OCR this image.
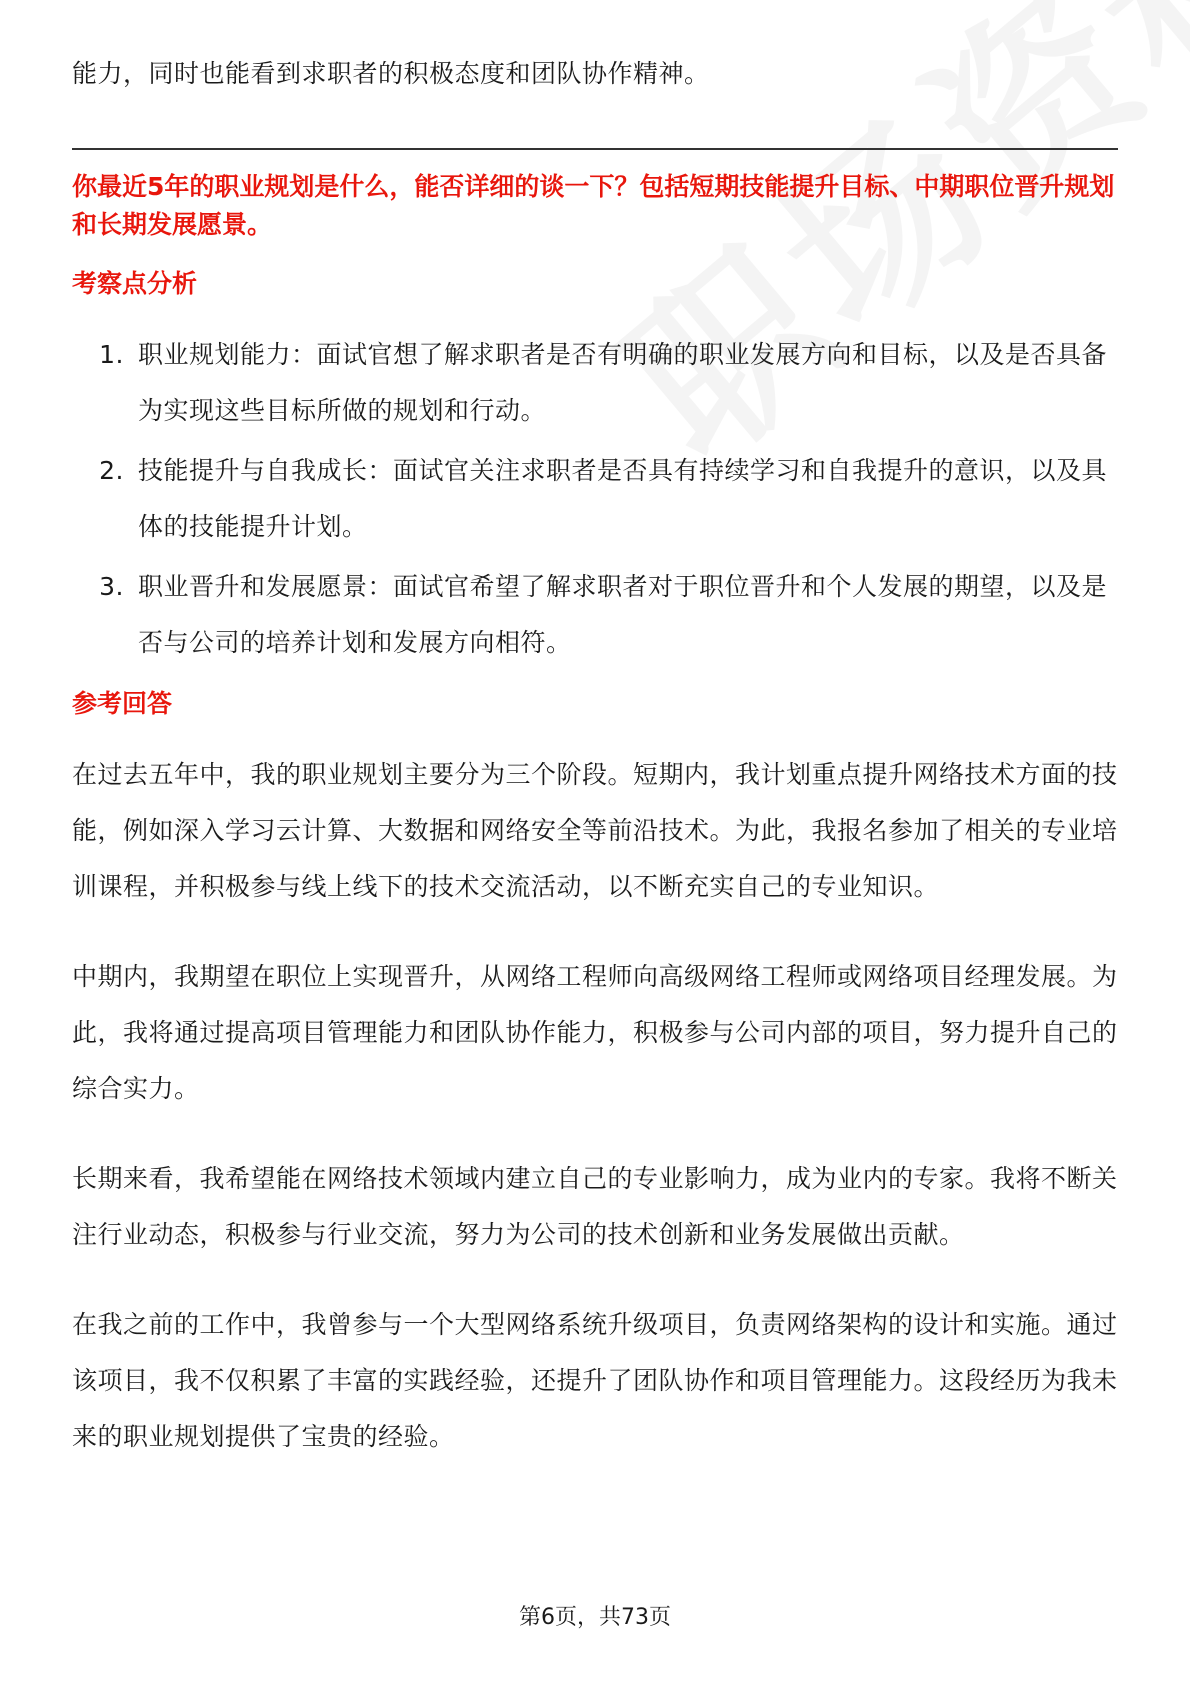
能力，同时也能看到求职者的积极态度和团队协作精神。

你最近5年的职业规划是什么，能否详细的谈一下？包括短期技能提升目标、中期职位晋升规划和长期发展愿景。

考察点分析
1. 职业规划能力：面试官想了解求职者是否有明确的职业发展方向和目标，以及是否具备为实现这些目标所做的规划和行动。
2. 技能提升与自我成长：面试官关注求职者是否具有持续学习和自我提升的意识，以及具体的技能提升计划。
3. 职业晋升和发展愿景：面试官希望了解求职者对于职位晋升和个人发展的期望，以及是否与公司的培养计划和发展方向相符。
参考回答

在过去五年中，我的职业规划主要分为三个阶段。短期内，我计划重点提升网络技术方面的技能，例如深入学习云计算、大数据和网络安全等前沿技术。为此，我报名参加了相关的专业培训课程，并积极参与线上线下的技术交流活动，以不断充实自己的专业知识。

中期内，我期望在职位上实现晋升，从网络工程师向高级网络工程师或网络项目经理发展。为此，我将通过提高项目管理能力和团队协作能力，积极参与公司内部的项目，努力提升自己的综合实力。

长期来看，我希望能在网络技术领域内建立自己的专业影响力，成为业内的专家。我将不断关注行业动态，积极参与行业交流，努力为公司的技术创新和业务发展做出贡献。

在我之前的工作中，我曾参与一个大型网络系统升级项目，负责网络架构的设计和实施。通过该项目，我不仅积累了丰富的实践经验，还提升了团队协作和项目管理能力。这段经历为我未来的职业规划提供了宝贵的经验。

第6页，共73页
